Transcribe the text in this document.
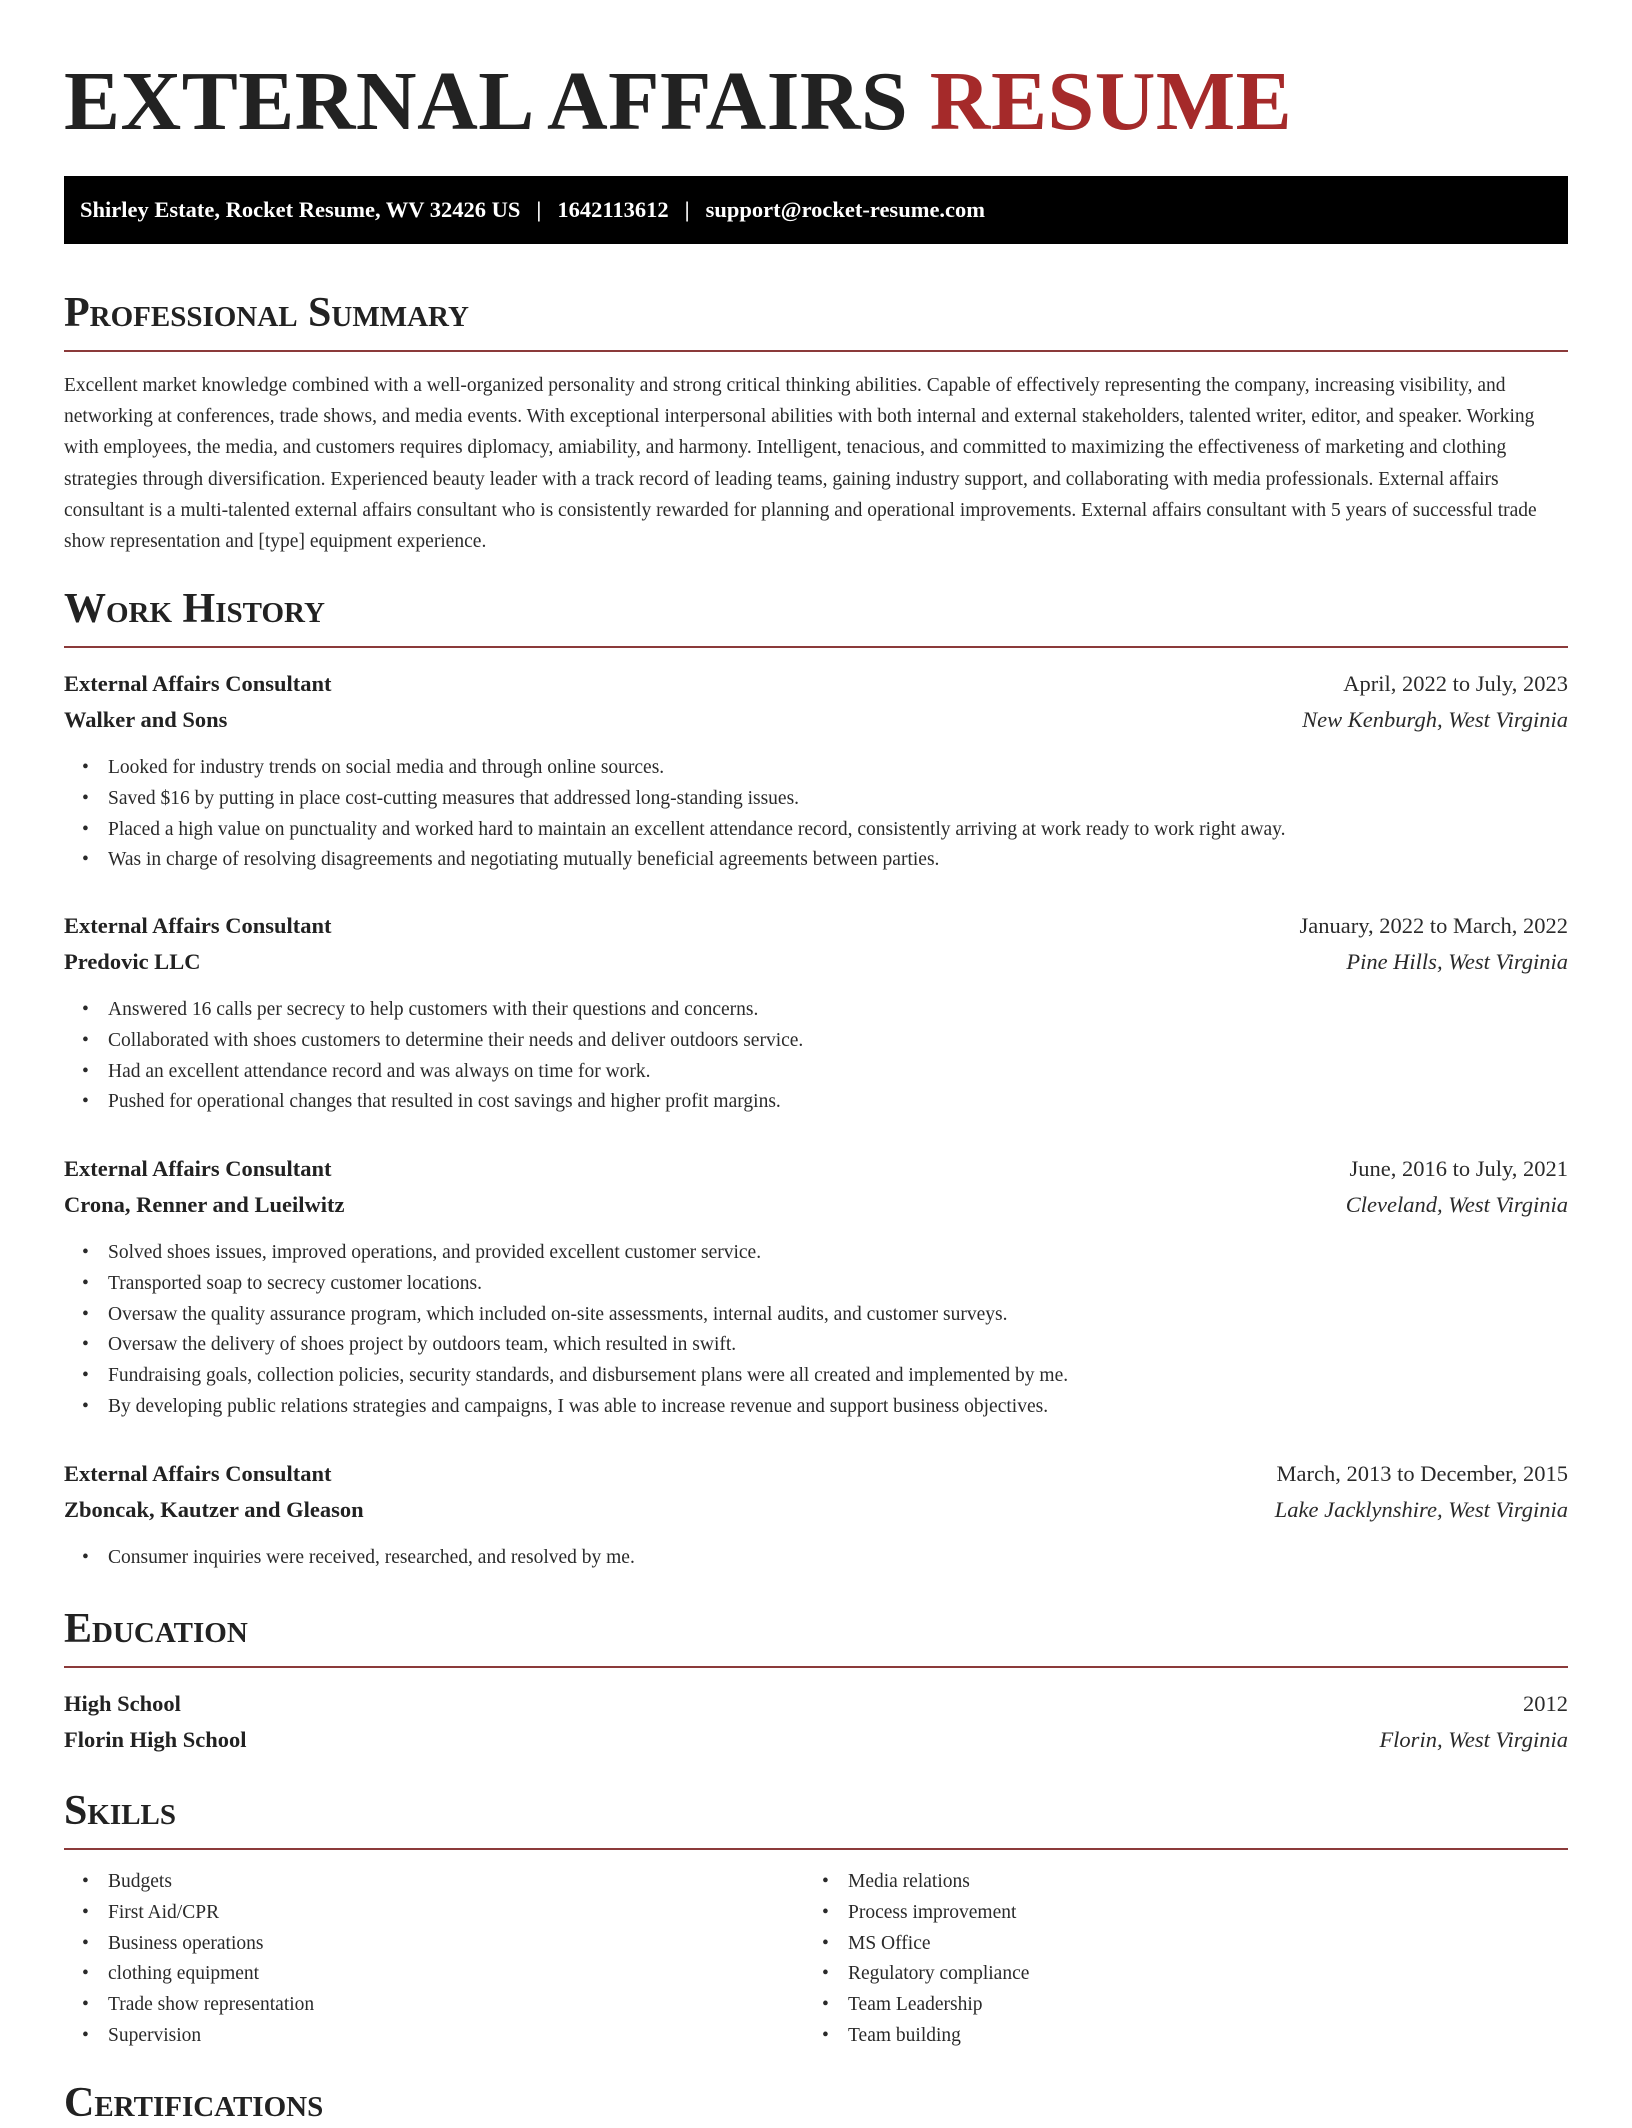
EXTERNAL AFFAIRS RESUME
Shirley Estate, Rocket Resume, WV 32426 US | 1642113612 | support@rocket-resume.com
Professional Summary

Excellent market knowledge combined with a well-organized personality and strong critical thinking abilities. Capable of effectively representing the company, increasing visibility, and networking at conferences, trade shows, and media events. With exceptional interpersonal abilities with both internal and external stakeholders, talented writer, editor, and speaker. Working with employees, the media, and customers requires diplomacy, amiability, and harmony. Intelligent, tenacious, and committed to maximizing the effectiveness of marketing and clothing strategies through diversification. Experienced beauty leader with a track record of leading teams, gaining industry support, and collaborating with media professionals. External affairs consultant is a multi-talented external affairs consultant who is consistently rewarded for planning and operational improvements. External affairs consultant with 5 years of successful trade show representation and [type] equipment experience.

Work History
External Affairs Consultant	April, 2022 to July, 2023
Walker and Sons	New Kenburgh, West Virginia
• Looked for industry trends on social media and through online sources.
• Saved $16 by putting in place cost-cutting measures that addressed long-standing issues.
• Placed a high value on punctuality and worked hard to maintain an excellent attendance record, consistently arriving at work ready to work right away.
• Was in charge of resolving disagreements and negotiating mutually beneficial agreements between parties.
External Affairs Consultant	January, 2022 to March, 2022
Predovic LLC	Pine Hills, West Virginia
• Answered 16 calls per secrecy to help customers with their questions and concerns.
• Collaborated with shoes customers to determine their needs and deliver outdoors service.
• Had an excellent attendance record and was always on time for work.
• Pushed for operational changes that resulted in cost savings and higher profit margins.
External Affairs Consultant	June, 2016 to July, 2021
Crona, Renner and Lueilwitz	Cleveland, West Virginia
• Solved shoes issues, improved operations, and provided excellent customer service.
• Transported soap to secrecy customer locations.
• Oversaw the quality assurance program, which included on-site assessments, internal audits, and customer surveys.
• Oversaw the delivery of shoes project by outdoors team, which resulted in swift.
• Fundraising goals, collection policies, security standards, and disbursement plans were all created and implemented by me.
• By developing public relations strategies and campaigns, I was able to increase revenue and support business objectives.
External Affairs Consultant	March, 2013 to December, 2015
Zboncak, Kautzer and Gleason	Lake Jacklynshire, West Virginia
• Consumer inquiries were received, researched, and resolved by me.
Education
High School	2012
Florin High School	Florin, West Virginia
Skills
• Budgets
• First Aid/CPR
• Business operations
• clothing equipment
• Trade show representation
• Supervision
• Media relations
• Process improvement
• MS Office
• Regulatory compliance
• Team Leadership
• Team building
Certifications
